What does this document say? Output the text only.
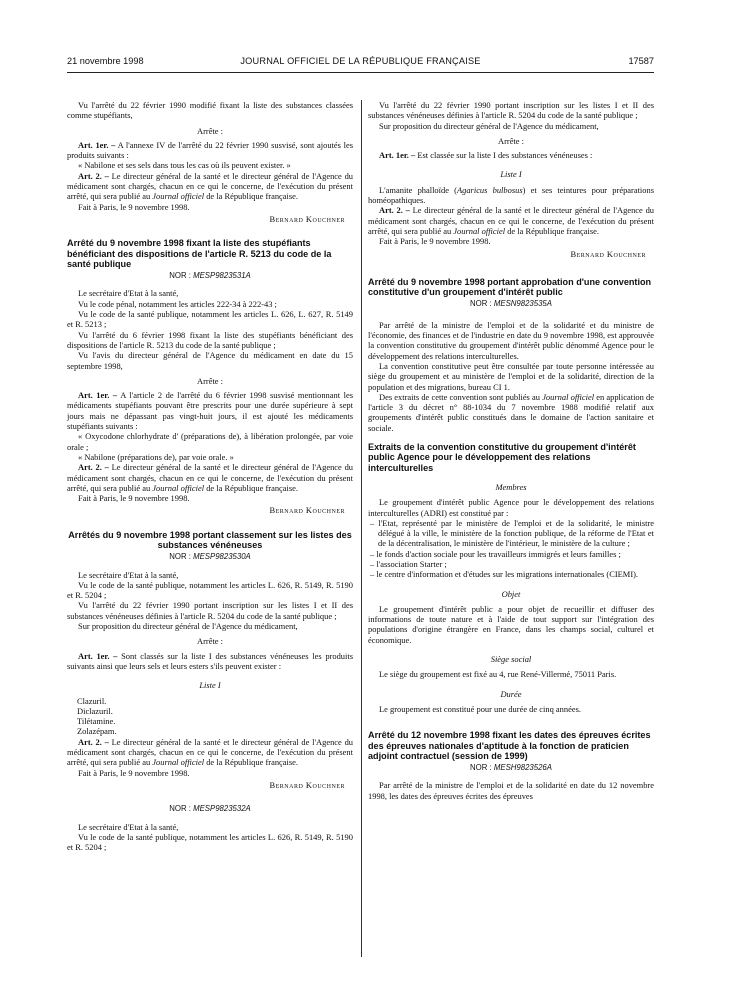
21 novembre 1998	JOURNAL OFFICIEL DE LA RÉPUBLIQUE FRANÇAISE	17587

Vu l'arrêté du 22 février 1990 modifié fixant la liste des substances classées comme stupéfiants,

Arrête :

Art. 1er. – A l'annexe IV de l'arrêté du 22 février 1990 susvisé, sont ajoutés les produits suivants :

« Nabilone et ses sels dans tous les cas où ils peuvent exister. »

Art. 2. – Le directeur général de la santé et le directeur général de l'Agence du médicament sont chargés, chacun en ce qui le concerne, de l'exécution du présent arrêté, qui sera publié au Journal officiel de la République française.

Fait à Paris, le 9 novembre 1998.

Bernard Kouchner

Arrêté du 9 novembre 1998 fixant la liste des stupéfiants bénéficiant des dispositions de l'article R. 5213 du code de la santé publique

NOR : MESP9823531A

Le secrétaire d'Etat à la santé,

Vu le code pénal, notamment les articles 222-34 à 222-43 ;

Vu le code de la santé publique, notamment les articles L. 626, L. 627, R. 5149 et R. 5213 ;

Vu l'arrêté du 6 février 1998 fixant la liste des stupéfiants bénéficiant des dispositions de l'article R. 5213 du code de la santé publique ;

Vu l'avis du directeur général de l'Agence du médicament en date du 15 septembre 1998,

Arrête :

Art. 1er. – A l'article 2 de l'arrêté du 6 février 1998 susvisé mentionnant les médicaments stupéfiants pouvant être prescrits pour une durée supérieure à sept jours mais ne dépassant pas vingt-huit jours, il est ajouté les médicaments stupéfiants suivants :

« Oxycodone chlorhydrate d' (préparations de), à libération prolongée, par voie orale ;

« Nabilone (préparations de), par voie orale. »

Art. 2. – Le directeur général de la santé et le directeur général de l'Agence du médicament sont chargés, chacun en ce qui le concerne, de l'exécution du présent arrêté, qui sera publié au Journal officiel de la République française.

Fait à Paris, le 9 novembre 1998.

Bernard Kouchner

Arrêtés du 9 novembre 1998 portant classement sur les listes des substances vénéneuses

NOR : MESP9823530A

Le secrétaire d'Etat à la santé,

Vu le code de la santé publique, notamment les articles L. 626, R. 5149, R. 5190 et R. 5204 ;

Vu l'arrêté du 22 février 1990 portant inscription sur les listes I et II des substances vénéneuses définies à l'article R. 5204 du code de la santé publique ;

Sur proposition du directeur général de l'Agence du médicament,

Arrête :

Art. 1er. – Sont classés sur la liste I des substances vénéneuses les produits suivants ainsi que leurs sels et leurs esters s'ils peuvent exister :

Liste I

Clazuril.

Diclazuril.

Tilétamine.

Zolazépam.

Art. 2. – Le directeur général de la santé et le directeur général de l'Agence du médicament sont chargés, chacun en ce qui le concerne, de l'exécution du présent arrêté, qui sera publié au Journal officiel de la République française.

Fait à Paris, le 9 novembre 1998.

Bernard Kouchner

NOR : MESP9823532A

Le secrétaire d'Etat à la santé,

Vu le code de la santé publique, notamment les articles L. 626, R. 5149, R. 5190 et R. 5204 ;

Vu l'arrêté du 22 février 1990 portant inscription sur les listes I et II des substances vénéneuses définies à l'article R. 5204 du code de la santé publique ;

Sur proposition du directeur général de l'Agence du médicament,

Arrête :

Art. 1er. – Est classée sur la liste I des substances vénéneuses :

Liste I

L'amanite phalloïde (Agaricus bulbosus) et ses teintures pour préparations homéopathiques.

Art. 2. – Le directeur général de la santé et le directeur général de l'Agence du médicament sont chargés, chacun en ce qui le concerne, de l'exécution du présent arrêté, qui sera publié au Journal officiel de la République française.

Fait à Paris, le 9 novembre 1998.

Bernard Kouchner

Arrêté du 9 novembre 1998 portant approbation d'une convention constitutive d'un groupement d'intérêt public

NOR : MESN9823535A

Par arrêté de la ministre de l'emploi et de la solidarité et du ministre de l'économie, des finances et de l'industrie en date du 9 novembre 1998, est approuvée la convention constitutive du groupement d'intérêt public dénommé Agence pour le développement des relations interculturelles.

La convention constitutive peut être consultée par toute personne intéressée au siège du groupement et au ministère de l'emploi et de la solidarité, direction de la population et des migrations, bureau CI 1.

Des extraits de cette convention sont publiés au Journal officiel en application de l'article 3 du décret n° 88-1034 du 7 novembre 1988 modifié relatif aux groupements d'intérêt public constitués dans le domaine de l'action sanitaire et sociale.

Extraits de la convention constitutive du groupement d'intérêt public Agence pour le développement des relations interculturelles

Membres

Le groupement d'intérêt public Agence pour le développement des relations interculturelles (ADRI) est constitué par :

– l'Etat, représenté par le ministère de l'emploi et de la solidarité, le ministre délégué à la ville, le ministère de la fonction publique, de la réforme de l'Etat et de la décentralisation, le ministère de l'intérieur, le ministère de la culture ;

– le fonds d'action sociale pour les travailleurs immigrés et leurs familles ;

– l'association Starter ;

– le centre d'information et d'études sur les migrations internationales (CIEMI).

Objet

Le groupement d'intérêt public a pour objet de recueillir et diffuser des informations de toute nature et à l'aide de tout support sur l'intégration des populations d'origine étrangère en France, dans les champs social, culturel et économique.

Siège social

Le siège du groupement est fixé au 4, rue René-Villermé, 75011 Paris.

Durée

Le groupement est constitué pour une durée de cinq années.

Arrêté du 12 novembre 1998 fixant les dates des épreuves écrites des épreuves nationales d'aptitude à la fonction de praticien adjoint contractuel (session de 1999)

NOR : MESH9823526A

Par arrêté de la ministre de l'emploi et de la solidarité en date du 12 novembre 1998, les dates des épreuves écrites des épreuves
